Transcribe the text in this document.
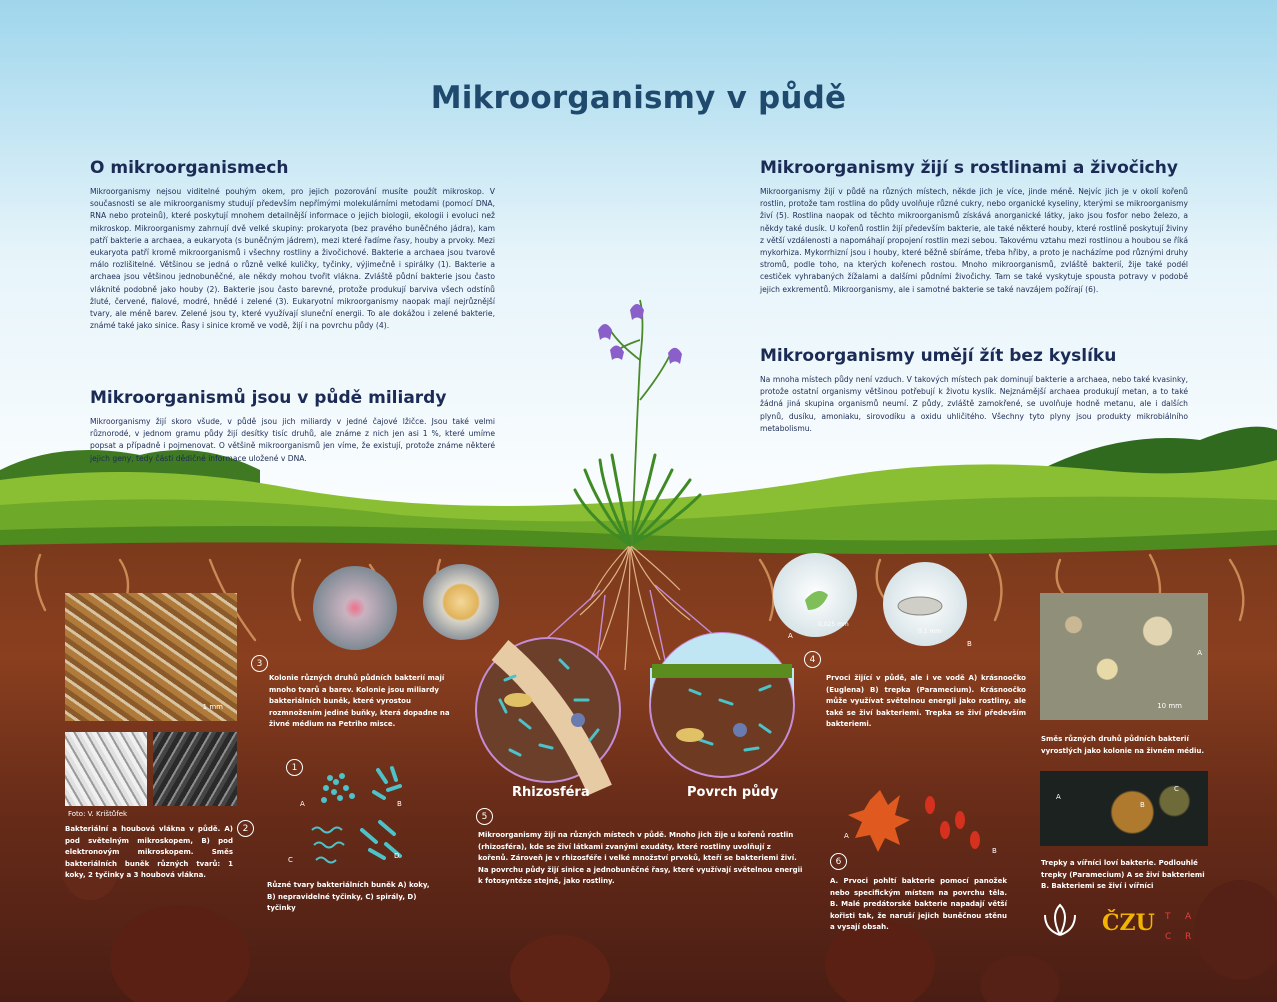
Mikroorganismy v půdě
O mikroorganismech

Mikroorganismy nejsou viditelné pouhým okem, pro jejich pozorování musíte použít mikroskop. V současnosti se ale mikroorganismy studují především nepřímými molekulárními metodami (pomocí DNA, RNA nebo proteinů), které poskytují mnohem detailnější informace o jejich biologii, ekologii i evoluci než mikroskop. Mikroorganismy zahrnují dvě velké skupiny: prokaryota (bez pravého buněčného jádra), kam patří bakterie a archaea, a eukaryota (s buněčným jádrem), mezi které řadíme řasy, houby a prvoky. Mezi eukaryota patří kromě mikroorganismů i všechny rostliny a živočichové. Bakterie a archaea jsou tvarově málo rozlišitelné. Většinou se jedná o různě velké kuličky, tyčinky, výjimečně i spirálky (1). Bakterie a archaea jsou většinou jednobuněčné, ale někdy mohou tvořit vlákna. Zvláště půdní bakterie jsou často vláknité podobně jako houby (2). Bakterie jsou často barevné, protože produkují barviva všech odstínů žluté, červené, fialové, modré, hnědé i zelené (3). Eukaryotní mikroorganismy naopak mají nejrůznější tvary, ale méně barev. Zelené jsou ty, které využívají sluneční energii. To ale dokážou i zelené bakterie, známé také jako sinice. Řasy i sinice kromě ve vodě, žijí i na povrchu půdy (4).

Mikroorganismů jsou v půdě miliardy

Mikroorganismy žijí skoro všude, v půdě jsou jich miliardy v jedné čajové lžičce. Jsou také velmi různorodé, v jednom gramu půdy žijí desítky tisíc druhů, ale známe z nich jen asi 1 %, které umíme popsat a případně i pojmenovat. O většině mikroorganismů jen víme, že existují, protože známe některé jejich geny, tedy části dědičné informace uložené v DNA.

Mikroorganismy žijí s rostlinami a živočichy

Mikroorganismy žijí v půdě na různých místech, někde jich je více, jinde méně. Nejvíc jich je v okolí kořenů rostlin, protože tam rostlina do půdy uvolňuje různé cukry, nebo organické kyseliny, kterými se mikroorganismy živí (5). Rostlina naopak od těchto mikroorganismů získává anorganické látky, jako jsou fosfor nebo železo, a někdy také dusík. U kořenů rostlin žijí především bakterie, ale také některé houby, které rostlině poskytují živiny z větší vzdálenosti a napomáhají propojení rostlin mezi sebou. Takovému vztahu mezi rostlinou a houbou se říká mykorhiza. Mykorrhizní jsou i houby, které běžně sbíráme, třeba hřiby, a proto je nacházíme pod různými druhy stromů, podle toho, na kterých kořenech rostou. Mnoho mikroorganismů, zvláště bakterií, žije také podél cestiček vyhrabaných žížalami a dalšími půdními živočichy. Tam se také vyskytuje spousta potravy v podobě jejich exkrementů. Mikroorganismy, ale i samotné bakterie se také navzájem požírají (6).

Mikroorganismy umějí žít bez kyslíku

Na mnoha místech půdy není vzduch. V takových místech pak dominují bakterie a archaea, nebo také kvasinky, protože ostatní organismy většinou potřebují k životu kyslík. Nejznámější archaea produkují metan, a to také žádná jiná skupina organismů neumí. Z půdy, zvláště zamokřené, se uvolňuje hodně metanu, ale i dalších plynů, dusíku, amoniaku, sirovodíku a oxidu uhličitého. Všechny tyto plyny jsou produkty mikrobiálního metabolismu.

1 mm	10 mm
A
A
B
C
3
2
1
5
4
6
Kolonie různých druhů půdních bakterií mají mnoho tvarů a barev. Kolonie jsou miliardy bakteriálních buněk, které vyrostou rozmnožením jediné buňky, která dopadne na živné médium na Petriho misce.
Foto: V. Krištůfek
Bakteriální a houbová vlákna v půdě. A) pod světelným mikroskopem, B) pod elektronovým mikroskopem. Směs bakteriálních buněk různých tvarů: 1 koky, 2 tyčinky a 3 houbová vlákna.
Různé tvary bakteriálních buněk A) koky, B) nepravidelné tyčinky, C) spirály, D) tyčinky
Mikroorganismy žijí na různých místech v půdě. Mnoho jich žije u kořenů rostlin (rhizosféra), kde se živí látkami zvanými exudáty, které rostliny uvolňují z kořenů. Zároveň je v rhizosféře i velké množství prvoků, kteří se bakteriemi živí. Na povrchu půdy žijí sinice a jednobuněčné řasy, které využívají světelnou energii k fotosyntéze stejně, jako rostliny.
Prvoci žijící v půdě, ale i ve vodě A) krásnoočko (Euglena) B) trepka (Paramecium). Krásnoočko může využívat světelnou energii jako rostliny, ale také se živí bakteriemi. Trepka se živí především bakteriemi.
A. Prvoci pohltí bakterie pomocí panožek nebo specifickým místem na povrchu těla. B. Malé predátorské bakterie napadají větší kořisti tak, že naruší jejich buněčnou stěnu a vysají obsah.
Směs různých druhů půdních bakterií vyrostlých jako kolonie na živném médiu.
Trepky a vířníci loví bakterie. Podlouhlé trepky (Paramecium) A se živí bakteriemi B. Bakteriemi se živí i vířníci
A	B
C	D
A
B
0,025 mm
0,1 mm
A
B
Rhizosféra	Povrch půdy
ČZU T A
C R
